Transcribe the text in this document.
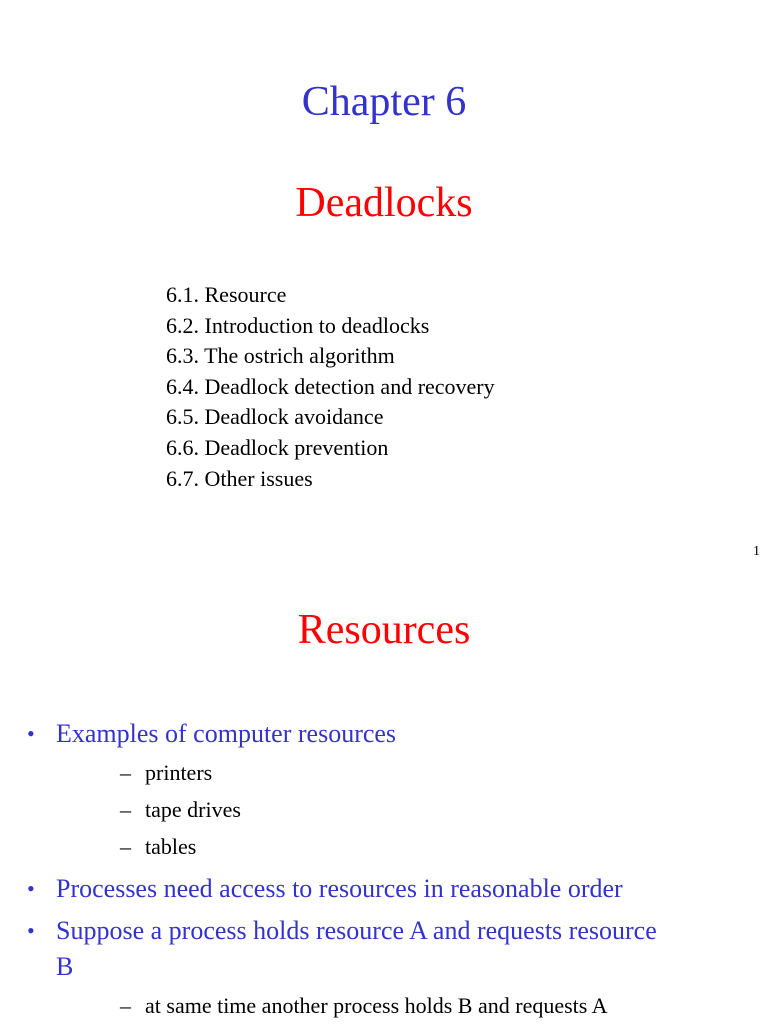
Chapter 6
Deadlocks
6.1. Resource
6.2. Introduction to deadlocks
6.3. The ostrich algorithm
6.4. Deadlock detection and recovery
6.5. Deadlock avoidance
6.6. Deadlock prevention
6.7. Other issues
1
Resources
• Examples of computer resources
– printers
– tape drives
– tables
• Processes need access to resources in reasonable order
• Suppose a process holds resource A and requests resource B
– at same time another process holds B and requests A
